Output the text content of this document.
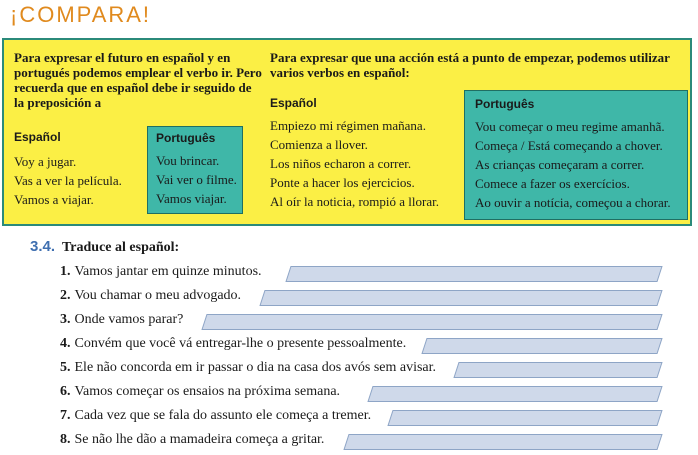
¡COMPARA!
Para expresar el futuro en español y en portugués podemos emplear el verbo ir. Pero recuerda que en español debe ir seguido de la preposición a
Para expresar que una acción está a punto de empezar, podemos utilizar varios verbos en español:
Español
Voy a jugar.
Vas a ver la película.
Vamos a viajar.
Português
Vou brincar.
Vai ver o filme.
Vamos viajar.
Español
Empiezo mi régimen mañana.
Comienza a llover.
Los niños echaron a correr.
Ponte a hacer los ejercicios.
Al oír la noticia, rompió a llorar.
Português
Vou começar o meu regime amanhã.
Começa / Está começando a chover.
As crianças começaram a correr.
Comece a fazer os exercícios.
Ao ouvir a notícia, começou a chorar.
3.4. Traduce al español:
1. Vamos jantar em quinze minutos.
2. Vou chamar o meu advogado.
3. Onde vamos parar?
4. Convém que você vá entregar-lhe o presente pessoalmente.
5. Ele não concorda em ir passar o dia na casa dos avós sem avisar.
6. Vamos começar os ensaios na próxima semana.
7. Cada vez que se fala do assunto ele começa a tremer.
8. Se não lhe dão a mamadeira começa a gritar.
